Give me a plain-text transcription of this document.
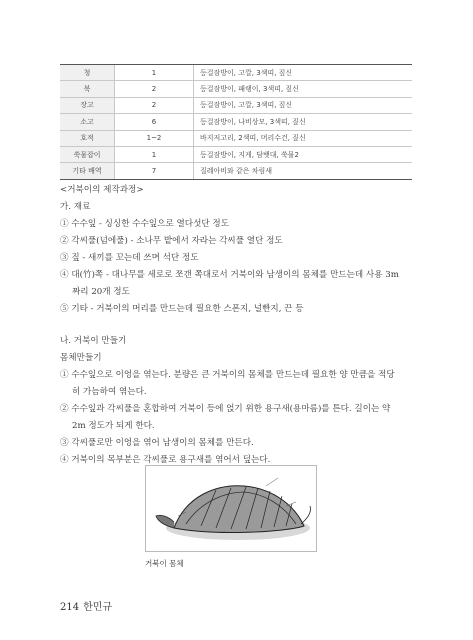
청	1	등걸잠방이, 고깔, 3색띠, 짚신
북	2	등걸잠방이, 패랭이, 3색띠, 짚신
장고	2	등걸잠방이, 고깔, 3색띠, 짚신
소고	6	등걸잠방이, 나비상모, 3색띠, 짚신
호적	1~2	바지저고리, 2색띠, 머리수건, 짚신
쑥물잡이	1	등걸잠방이, 지게, 담뱃대, 쑥물2
기타 배역	7	질레아비와 같은 차림새
<거북이의 제작과정>
가. 재료
① 수수잎 - 싱싱한 수수잎으로 열다섯단 정도
② 각씨풀(넘에풀) - 소나무 밭에서 자라는 각씨풀 열단 정도
③ 짚 - 새끼를 꼬는데 쓰며 석단 정도
④ 대(竹)쪽 - 대나무를 세로로 쪼갠 쪽대로서 거북이와 남생이의 몸체를 만드는데 사용 3m
짜리 20개 정도
⑤ 기타 - 거북이의 머리를 만드는데 필요한 스폰지, 널빤지, 끈 등
나. 거북이 만들기
몸체만들기
① 수수잎으로 이엉을 엮는다. 분량은 큰 거북이의 몸체를 만드는데 필요한 양 만큼을 적당
히 가늠하여 엮는다.
② 수수잎과 각씨풀을 혼합하여 거북이 등에 얹기 위한 용구새(용마름)를 튼다. 길이는 약
2m 정도가 되게 한다.
③ 각씨풀로만 이엉을 엮어 남생이의 몸체를 만든다.
④ 거북이의 목부분은 각씨풀로 용구새를 엮어서 덮는다.
거북이 몸체
214 한민규
